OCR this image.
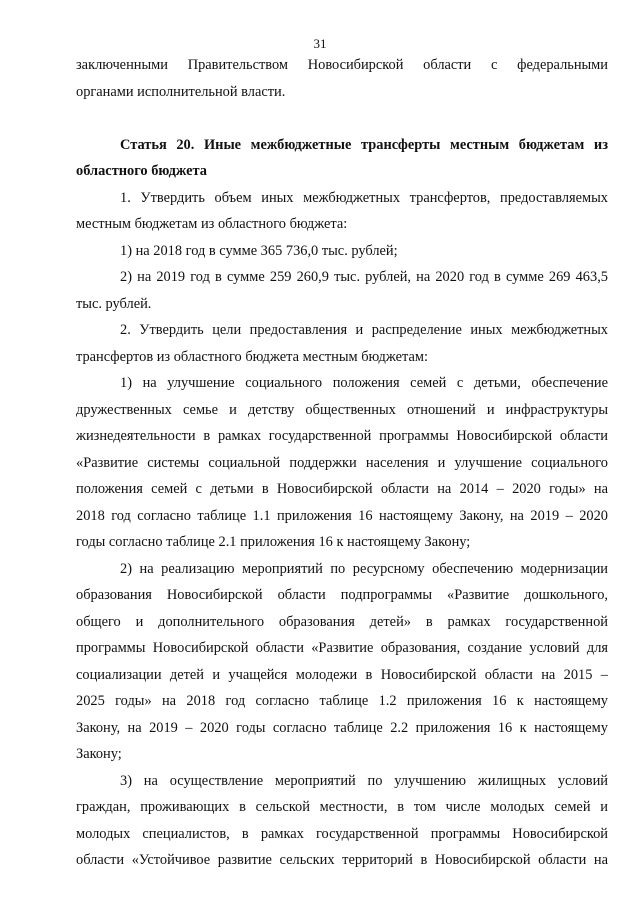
31
заключенными Правительством Новосибирской области с федеральными
органами исполнительной власти.
Статья 20. Иные межбюджетные трансферты местным бюджетам из
областного бюджета
1. Утвердить объем иных межбюджетных трансфертов, предоставляемых
местным бюджетам из областного бюджета:
1) на 2018 год в сумме 365 736,0 тыс. рублей;
2) на 2019 год в сумме 259 260,9 тыс. рублей, на 2020 год в сумме 269 463,5
тыс. рублей.
2. Утвердить цели предоставления и распределение иных межбюджетных
трансфертов из областного бюджета местным бюджетам:
1) на улучшение социального положения семей с детьми, обеспечение
дружественных семье и детству общественных отношений и инфраструктуры
жизнедеятельности в рамках государственной программы Новосибирской области
«Развитие системы социальной поддержки населения и улучшение социального
положения семей с детьми в Новосибирской области на 2014 – 2020 годы» на
2018 год согласно таблице 1.1 приложения 16 настоящему Закону, на 2019 – 2020
годы согласно таблице 2.1 приложения 16 к настоящему Закону;
2) на реализацию мероприятий по ресурсному обеспечению модернизации
образования Новосибирской области подпрограммы «Развитие дошкольного,
общего и дополнительного образования детей» в рамках государственной
программы Новосибирской области «Развитие образования, создание условий для
социализации детей и учащейся молодежи в Новосибирской области на 2015 –
2025 годы» на 2018 год согласно таблице 1.2 приложения 16 к настоящему
Закону, на 2019 – 2020 годы согласно таблице 2.2 приложения 16 к настоящему
Закону;
3) на осуществление мероприятий по улучшению жилищных условий
граждан, проживающих в сельской местности, в том числе молодых семей и
молодых специалистов, в рамках государственной программы Новосибирской
области «Устойчивое развитие сельских территорий в Новосибирской области на
